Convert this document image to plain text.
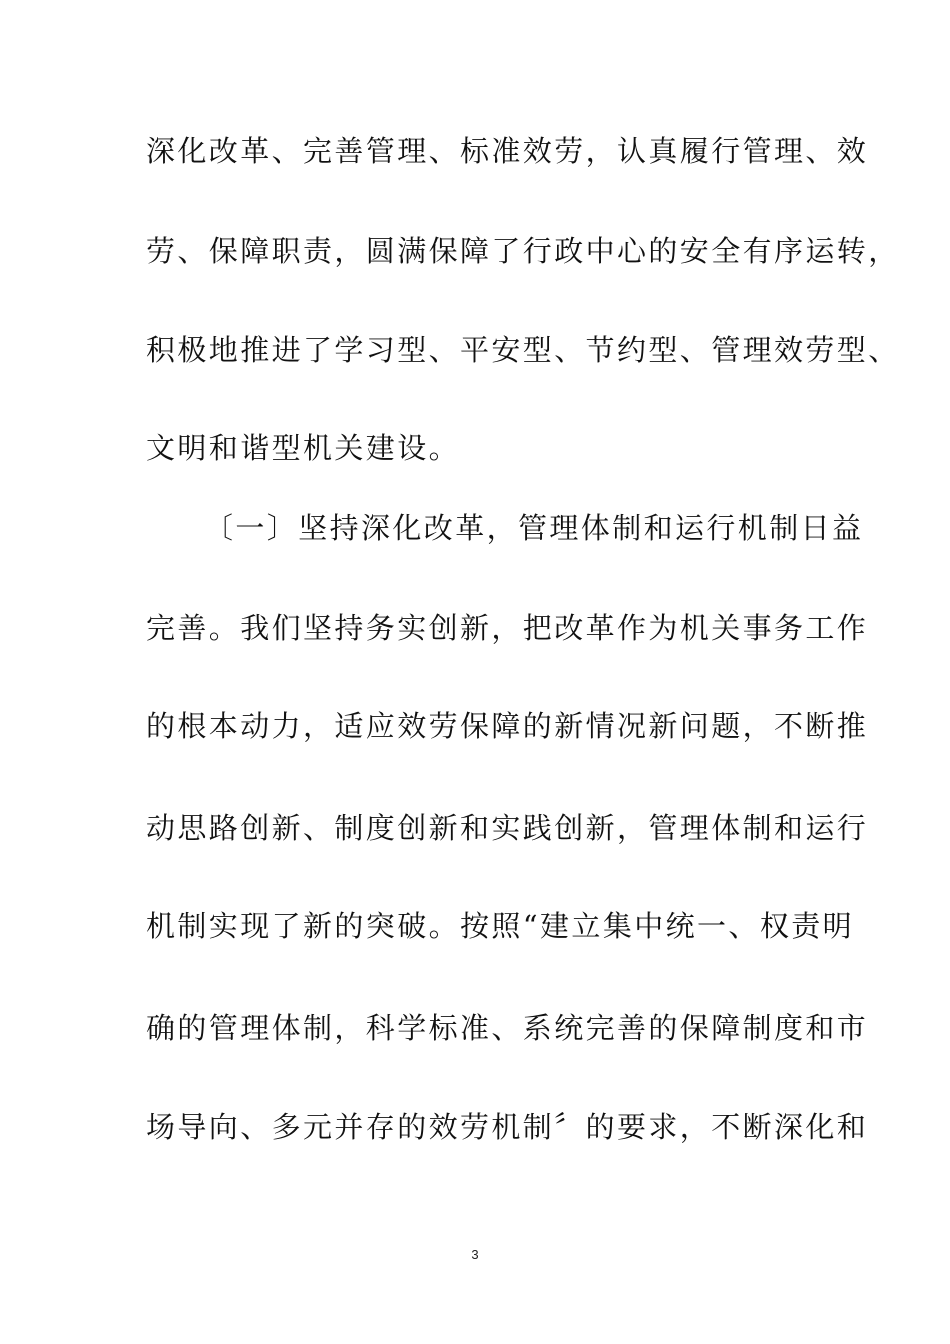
深化改革、完善管理、标准效劳，认真履行管理、效
劳、保障职责，圆满保障了行政中心的安全有序运转，
积极地推进了学习型、平安型、节约型、管理效劳型、
文明和谐型机关建设。
〔一〕坚持深化改革，管理体制和运行机制日益
完善。我们坚持务实创新，把改革作为机关事务工作
的根本动力，适应效劳保障的新情况新问题，不断推
动思路创新、制度创新和实践创新，管理体制和运行
机制实现了新的突破。按照“建立集中统一、权责明
确的管理体制，科学标准、系统完善的保障制度和市
场导向、多元并存的效劳机制〞的要求，不断深化和
3
